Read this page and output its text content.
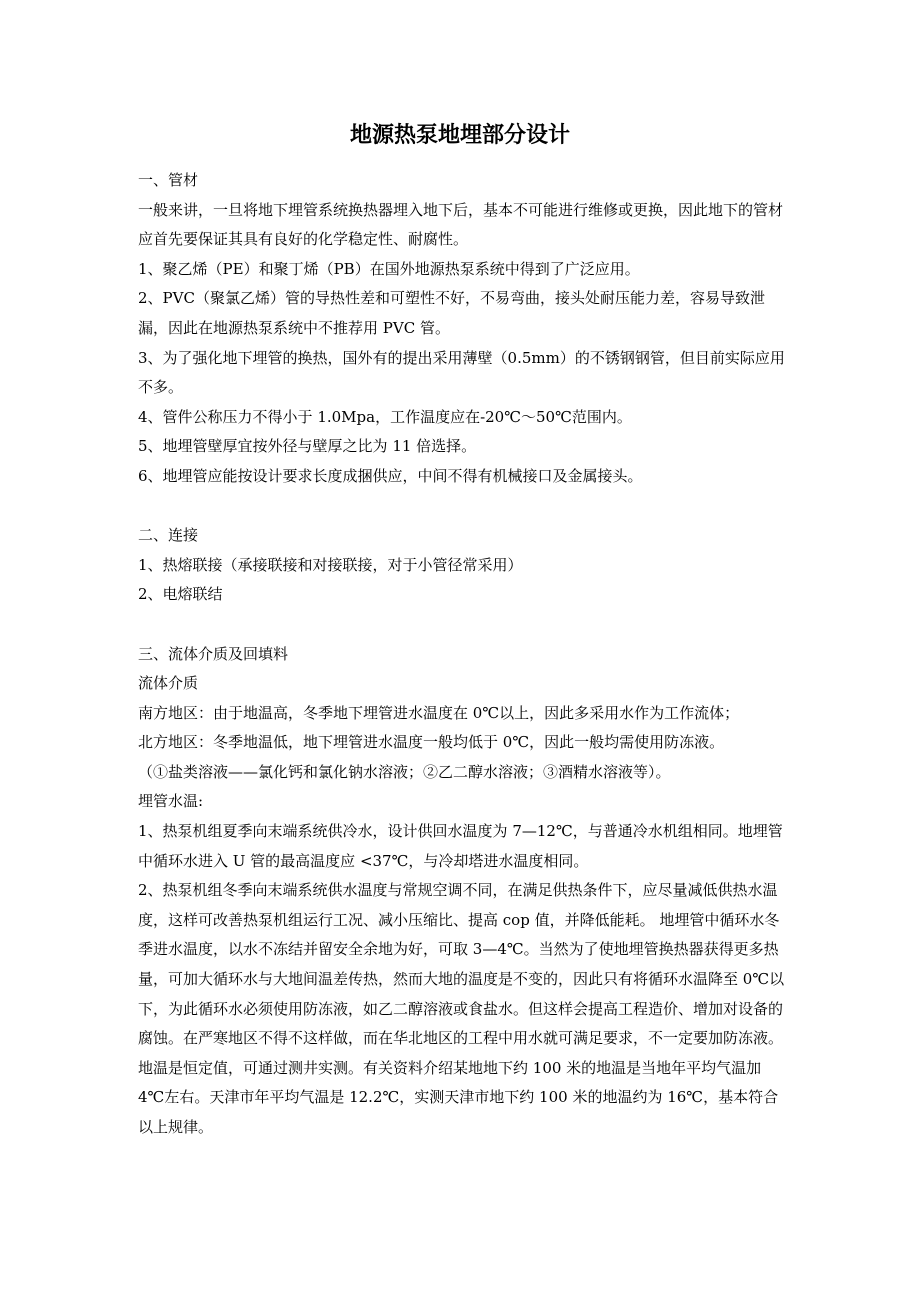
地源热泵地埋部分设计

一、管材

一般来讲，一旦将地下埋管系统换热器埋入地下后，基本不可能进行维修或更换，因此地下的管材应首先要保证其具有良好的化学稳定性、耐腐性。

1、聚乙烯（PE）和聚丁烯（PB）在国外地源热泵系统中得到了广泛应用。

2、PVC（聚氯乙烯）管的导热性差和可塑性不好，不易弯曲，接头处耐压能力差，容易导致泄漏，因此在地源热泵系统中不推荐用 PVC 管。

3、为了强化地下埋管的换热，国外有的提出采用薄壁（0.5mm）的不锈钢钢管，但目前实际应用不多。

4、管件公称压力不得小于 1.0Mpa，工作温度应在-20℃～50℃范围内。

5、地埋管壁厚宜按外径与壁厚之比为 11 倍选择。

6、地埋管应能按设计要求长度成捆供应，中间不得有机械接口及金属接头。

二、连接

1、热熔联接（承接联接和对接联接，对于小管径常采用）

2、电熔联结

三、流体介质及回填料

流体介质

南方地区：由于地温高，冬季地下埋管进水温度在 0℃以上，因此多采用水作为工作流体；

北方地区：冬季地温低，地下埋管进水温度一般均低于 0℃，因此一般均需使用防冻液。

（①盐类溶液——氯化钙和氯化钠水溶液；②乙二醇水溶液；③酒精水溶液等）。

埋管水温:

1、热泵机组夏季向末端系统供冷水，设计供回水温度为 7—12℃，与普通冷水机组相同。地埋管中循环水进入 U 管的最高温度应 <37℃，与冷却塔进水温度相同。

2、热泵机组冬季向末端系统供水温度与常规空调不同，在满足供热条件下，应尽量减低供热水温度，这样可改善热泵机组运行工况、减小压缩比、提高 cop 值，并降低能耗。 地埋管中循环水冬季进水温度，以水不冻结并留安全余地为好，可取 3—4℃。当然为了使地埋管换热器获得更多热量，可加大循环水与大地间温差传热，然而大地的温度是不变的，因此只有将循环水温降至 0℃以下，为此循环水必须使用防冻液，如乙二醇溶液或食盐水。但这样会提高工程造价、增加对设备的腐蚀。在严寒地区不得不这样做，而在华北地区的工程中用水就可满足要求，不一定要加防冻液。

地温是恒定值，可通过测井实测。有关资料介绍某地地下约 100 米的地温是当地年平均气温加 4℃左右。天津市年平均气温是 12.2℃，实测天津市地下约 100 米的地温约为 16℃，基本符合以上规律。
